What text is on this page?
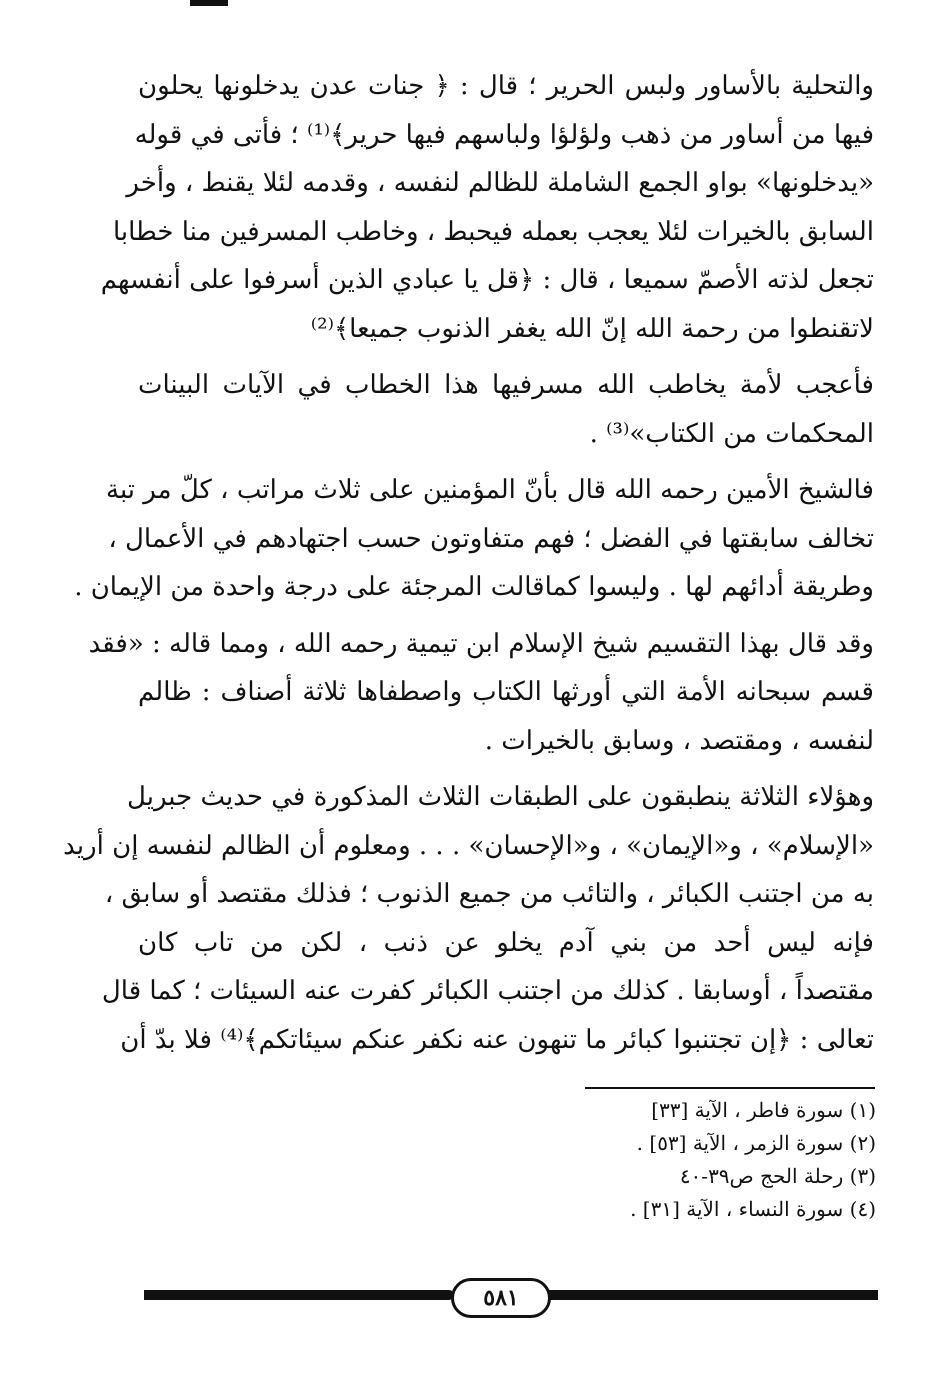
والتحلية بالأساور ولبس الحرير ؛ قال : ﴿ جنات عدن يدخلونها يحلون
فيها من أساور من ذهب ولؤلؤا ولباسهم فيها حرير﴾⁽¹⁾ ؛ فأتى في قوله
«يدخلونها» بواو الجمع الشاملة للظالم لنفسه ، وقدمه لئلا يقنط ، وأخر
السابق بالخيرات لئلا يعجب بعمله فيحبط ، وخاطب المسرفين منا خطابا
تجعل لذته الأصمّ سميعا ، قال : ﴿قل يا عبادي الذين أسرفوا على أنفسهم
لاتقنطوا من رحمة الله إنّ الله يغفر الذنوب جميعا﴾⁽²⁾
فأعجب لأمة يخاطب الله مسرفيها هذا الخطاب في الآيات البينات
المحكمات من الكتاب»⁽³⁾ .
فالشيخ الأمين رحمه الله قال بأنّ المؤمنين على ثلاث مراتب ، كلّ مر تبة
تخالف سابقتها في الفضل ؛ فهم متفاوتون حسب اجتهادهم في الأعمال ،
وطريقة أدائهم لها . وليسوا كماقالت المرجئة على درجة واحدة من الإيمان .
وقد قال بهذا التقسيم شيخ الإسلام ابن تيمية رحمه الله ، ومما قاله : «فقد
قسم سبحانه الأمة التي أورثها الكتاب واصطفاها ثلاثة أصناف : ظالم
لنفسه ، ومقتصد ، وسابق بالخيرات .
وهؤلاء الثلاثة ينطبقون على الطبقات الثلاث المذكورة في حديث جبريل
«الإسلام» ، و«الإيمان» ، و«الإحسان» . . . ومعلوم أن الظالم لنفسه إن أريد
به من اجتنب الكبائر ، والتائب من جميع الذنوب ؛ فذلك مقتصد أو سابق ،
فإنه ليس أحد من بني آدم يخلو عن ذنب ، لكن من تاب كان
مقتصداً ، أوسابقا . كذلك من اجتنب الكبائر كفرت عنه السيئات ؛ كما قال
تعالى : ﴿إن تجتنبوا كبائر ما تنهون عنه نكفر عنكم سيئاتكم﴾⁽⁴⁾ فلا بدّ أن
(١) سورة فاطر ، الآية [٣٣]
(٢) سورة الزمر ، الآية [٥٣] .
(٣) رحلة الحج ص٣٩-٤٠
(٤) سورة النساء ، الآية [٣١] .
٥٨١
